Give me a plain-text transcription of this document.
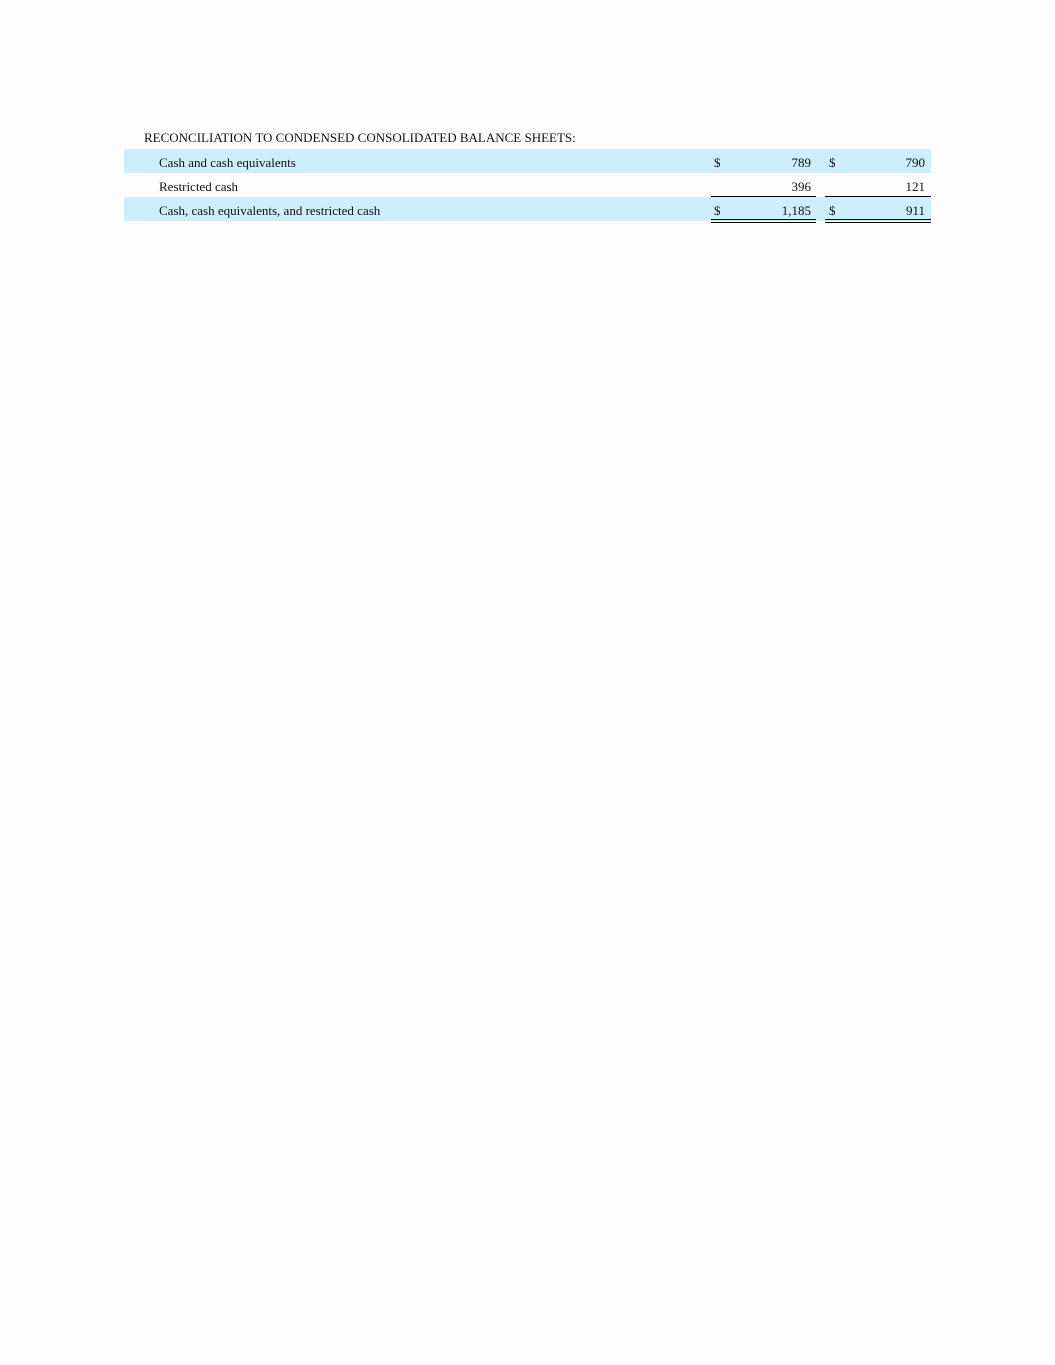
RECONCILIATION TO CONDENSED CONSOLIDATED BALANCE SHEETS:
Cash and cash equivalents	$	789 $	790
Restricted cash	396	121
Cash, cash equivalents, and restricted cash	$	1,185 $	911
